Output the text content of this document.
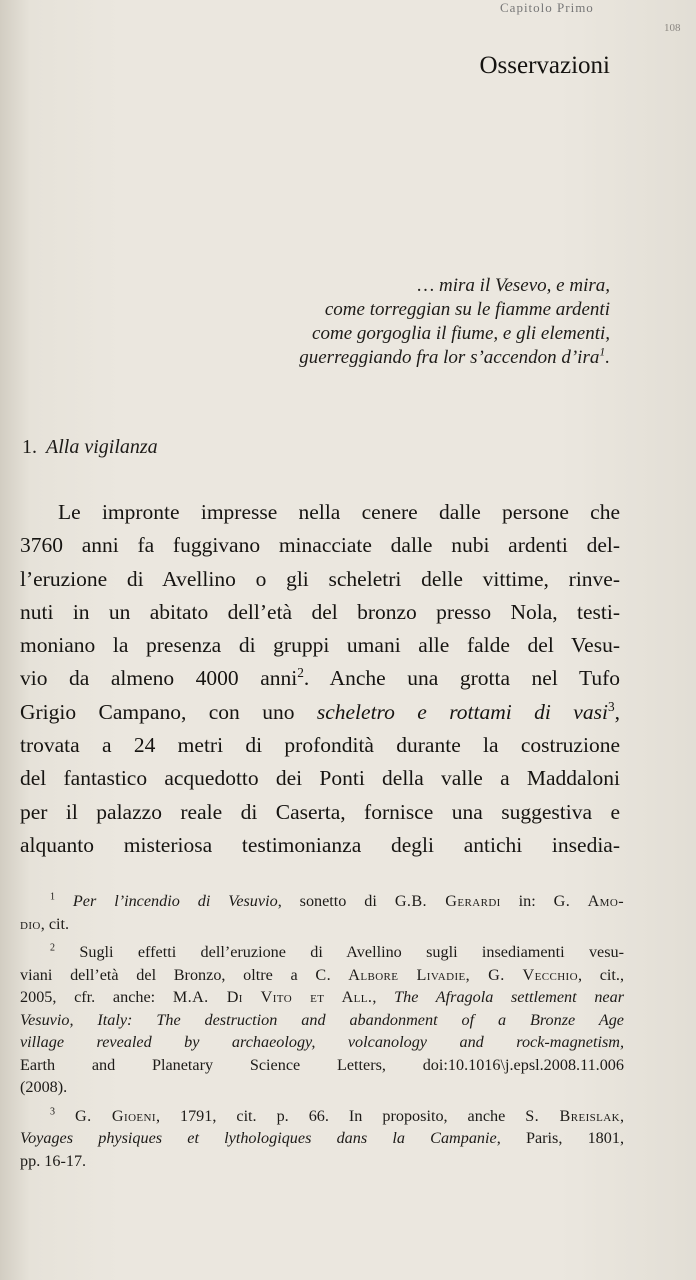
Capitolo Primo
108
Osservazioni
… mira il Vesevo, e mira,
come torreggian su le fiamme ardenti
come gorgoglia il fiume, e gli elementi,
guerreggiando fra lor s’accendon d’ira$^1$.
1. Alla vigilanza
Le impronte impresse nella cenere dalle persone che
3760 anni fa fuggivano minacciate dalle nubi ardenti del-
l’eruzione di Avellino o gli scheletri delle vittime, rinve-
nuti in un abitato dell’età del bronzo presso Nola, testi-
moniano la presenza di gruppi umani alle falde del Vesu-
vio da almeno 4000 anni$^2$. Anche una grotta nel Tufo
Grigio Campano, con uno scheletro e rottami di vasi$^3$,
trovata a 24 metri di profondità durante la costruzione
del fantastico acquedotto dei Ponti della valle a Maddaloni
per il palazzo reale di Caserta, fornisce una suggestiva e
alquanto misteriosa testimonianza degli antichi insedia-
$^1$ Per l’incendio di Vesuvio, sonetto di G.B. Gerardi in: G. Amo-
dio, cit.
$^2$ Sugli effetti dell’eruzione di Avellino sugli insediamenti vesu-
viani dell’età del Bronzo, oltre a C. Albore Livadie, G. Vecchio, cit.,
2005, cfr. anche: M.A. Di Vito et All., The Afragola settlement near
Vesuvio, Italy: The destruction and abandonment of a Bronze Age
village revealed by archaeology, volcanology and rock-magnetism,
Earth and Planetary Science Letters, doi:10.1016\j.epsl.2008.11.006
(2008).
$^3$ G. Gioeni, 1791, cit. p. 66. In proposito, anche S. Breislak,
Voyages physiques et lythologiques dans la Campanie, Paris, 1801,
pp. 16-17.
